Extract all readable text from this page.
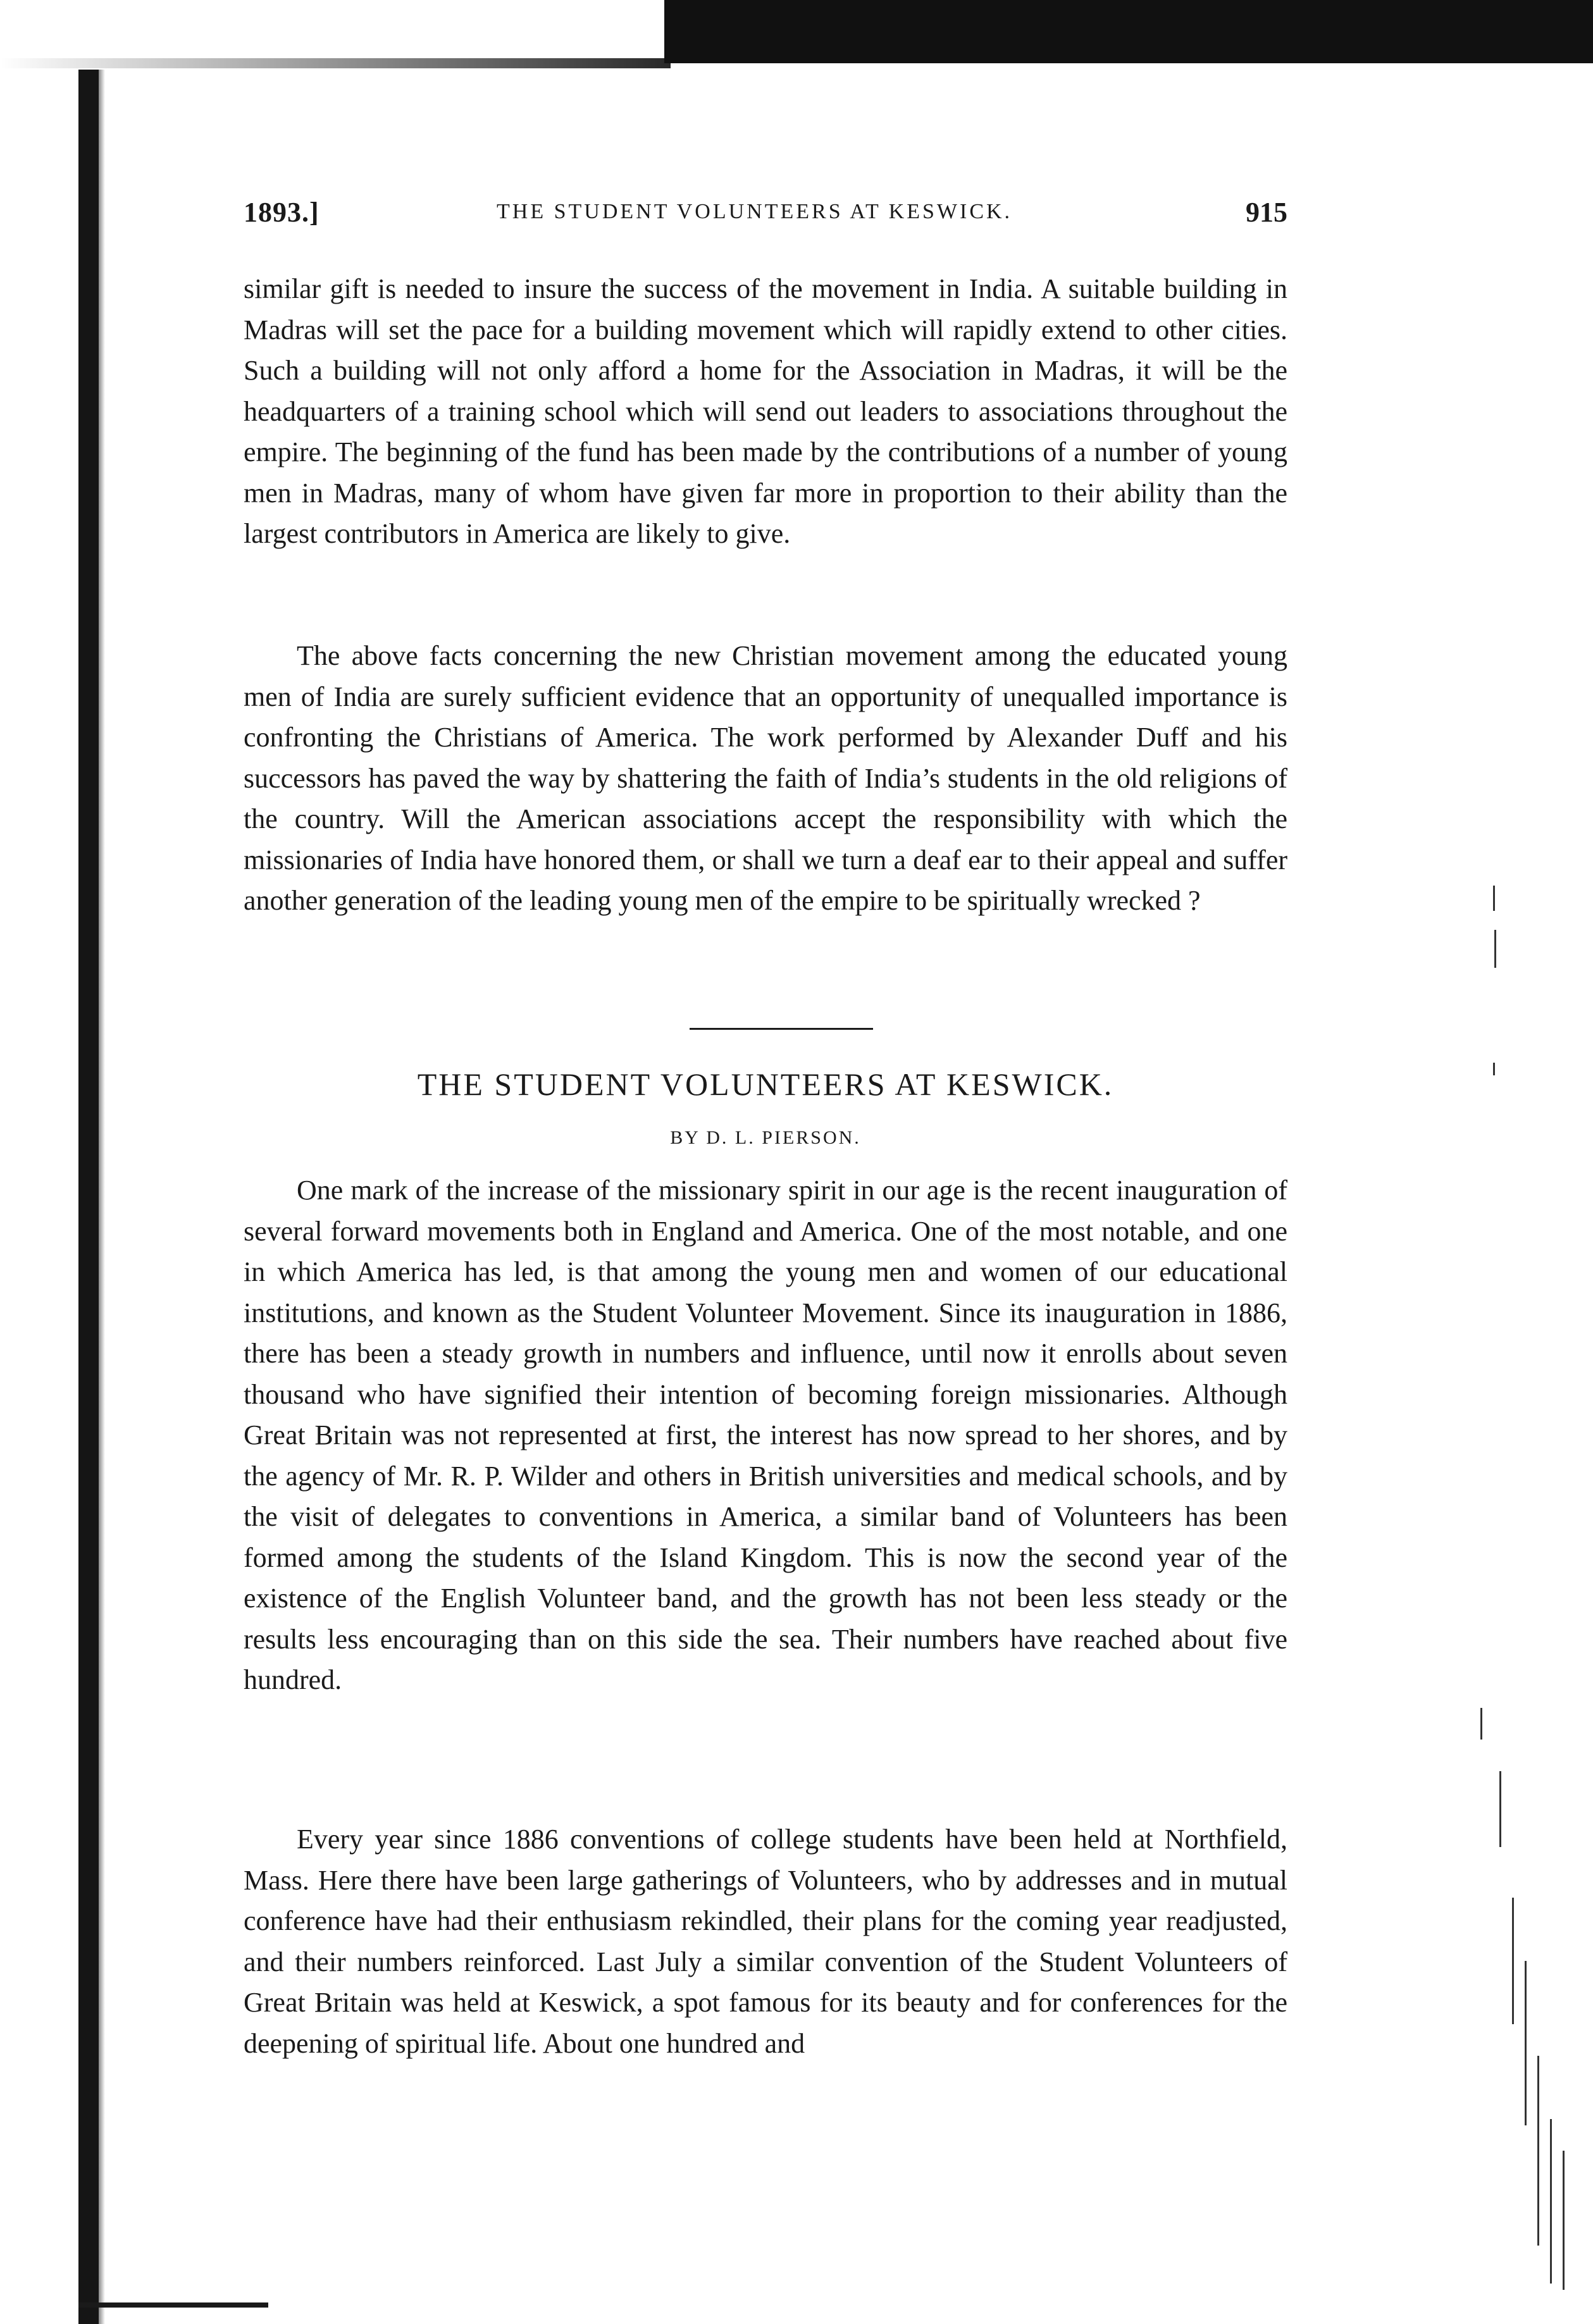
1893.]	THE STUDENT VOLUNTEERS AT KESWICK.	915

similar gift is needed to insure the success of the movement in India. A suitable building in Madras will set the pace for a building movement which will rapidly extend to other cities. Such a building will not only afford a home for the Association in Madras, it will be the headquarters of a training school which will send out leaders to associations throughout the empire. The beginning of the fund has been made by the contributions of a number of young men in Madras, many of whom have given far more in proportion to their ability than the largest contributors in America are likely to give.

The above facts concerning the new Christian movement among the educated young men of India are surely sufficient evidence that an opportunity of unequalled importance is confronting the Christians of America. The work performed by Alexander Duff and his successors has paved the way by shattering the faith of India’s students in the old religions of the country. Will the American associations accept the responsibility with which the missionaries of India have honored them, or shall we turn a deaf ear to their appeal and suffer another generation of the leading young men of the empire to be spiritually wrecked ?

THE STUDENT VOLUNTEERS AT KESWICK.
BY D. L. PIERSON.

One mark of the increase of the missionary spirit in our age is the recent inauguration of several forward movements both in England and America. One of the most notable, and one in which America has led, is that among the young men and women of our educational institutions, and known as the Student Volunteer Movement. Since its inauguration in 1886, there has been a steady growth in numbers and influence, until now it enrolls about seven thousand who have signified their intention of becoming foreign missionaries. Although Great Britain was not represented at first, the interest has now spread to her shores, and by the agency of Mr. R. P. Wilder and others in British universities and medical schools, and by the visit of delegates to conventions in America, a similar band of Volunteers has been formed among the students of the Island Kingdom. This is now the second year of the existence of the English Volunteer band, and the growth has not been less steady or the results less encouraging than on this side the sea. Their numbers have reached about five hundred.

Every year since 1886 conventions of college students have been held at Northfield, Mass. Here there have been large gatherings of Volunteers, who by addresses and in mutual conference have had their enthusiasm rekindled, their plans for the coming year readjusted, and their numbers reinforced. Last July a similar convention of the Student Volunteers of Great Britain was held at Keswick, a spot famous for its beauty and for conferences for the deepening of spiritual life. About one hundred and
